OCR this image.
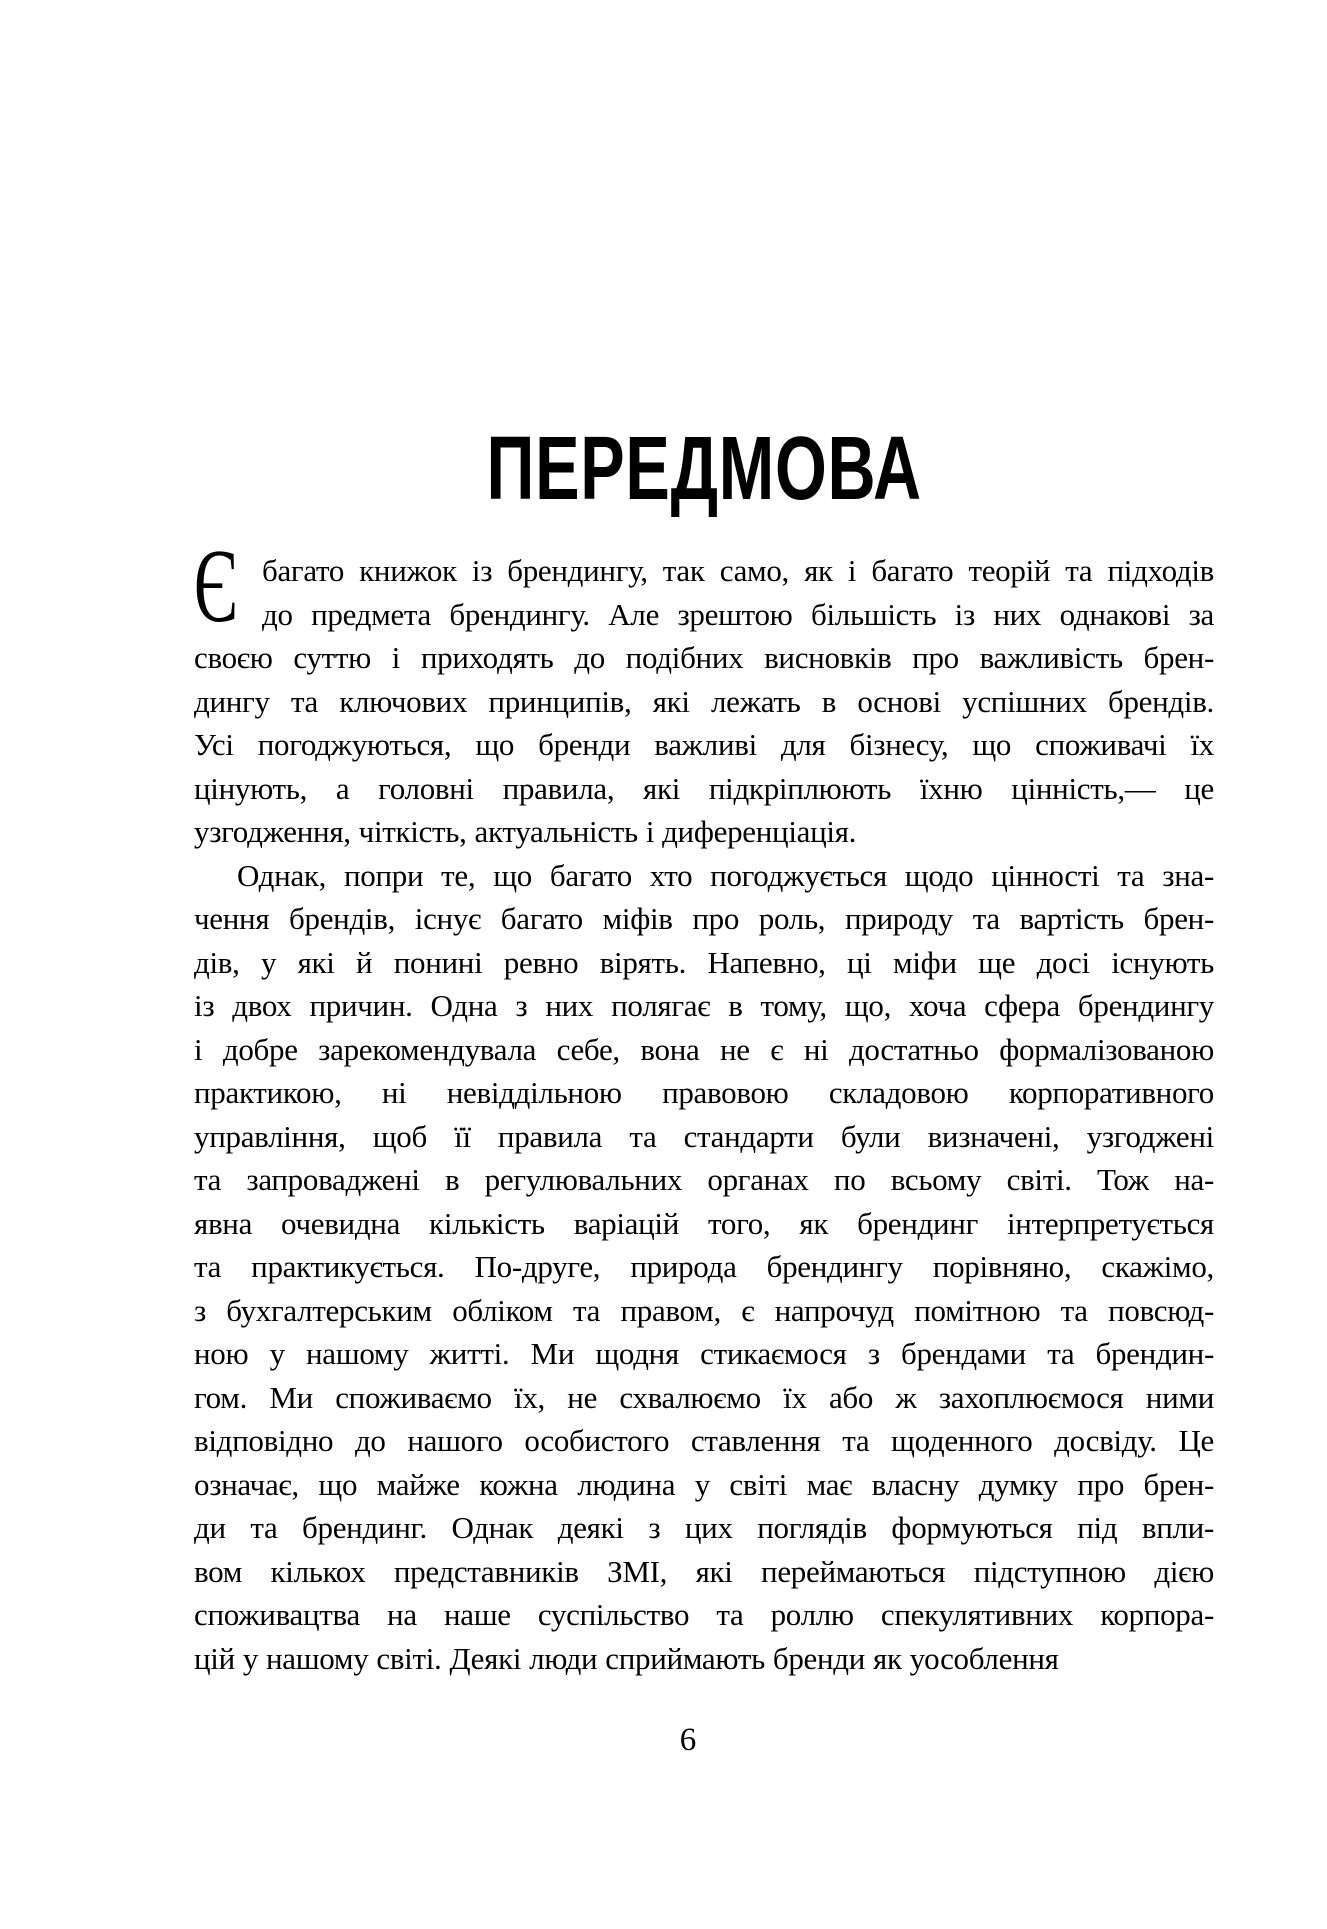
ПЕРЕДМОВА
Є багато книжок із брендингу, так само, як і багато теорій та підходів
до предмета брендингу. Але зрештою більшість із них однакові за
своєю суттю і приходять до подібних висновків про важливість брен-
дингу та ключових принципів, які лежать в основі успішних брендів.
Усі погоджуються, що бренди важливі для бізнесу, що споживачі їх
цінують, а головні правила, які підкріплюють їхню цінність,— це
узгодження, чіткість, актуальність і диференціація.
Однак, попри те, що багато хто погоджується щодо цінності та зна-
чення брендів, існує багато міфів про роль, природу та вартість брен-
дів, у які й понині ревно вірять. Напевно, ці міфи ще досі існують
із двох причин. Одна з них полягає в тому, що, хоча сфера брендингу
і добре зарекомендувала себе, вона не є ні достатньо формалізованою
практикою, ні невіддільною правовою складовою корпоративного
управління, щоб її правила та стандарти були визначені, узгоджені
та запроваджені в регулювальних органах по всьому світі. Тож на-
явна очевидна кількість варіацій того, як брендинг інтерпретується
та практикується. По-друге, природа брендингу порівняно, скажімо,
з бухгалтерським обліком та правом, є напрочуд помітною та повсюд-
ною у нашому житті. Ми щодня стикаємося з брендами та брендин-
гом. Ми споживаємо їх, не схвалюємо їх або ж захоплюємося ними
відповідно до нашого особистого ставлення та щоденного досвіду. Це
означає, що майже кожна людина у світі має власну думку про брен-
ди та брендинг. Однак деякі з цих поглядів формуються під впли-
вом кількох представників ЗМІ, які переймаються підступною дією
споживацтва на наше суспільство та роллю спекулятивних корпора-
цій у нашому світі. Деякі люди сприймають бренди як уособлення
6
